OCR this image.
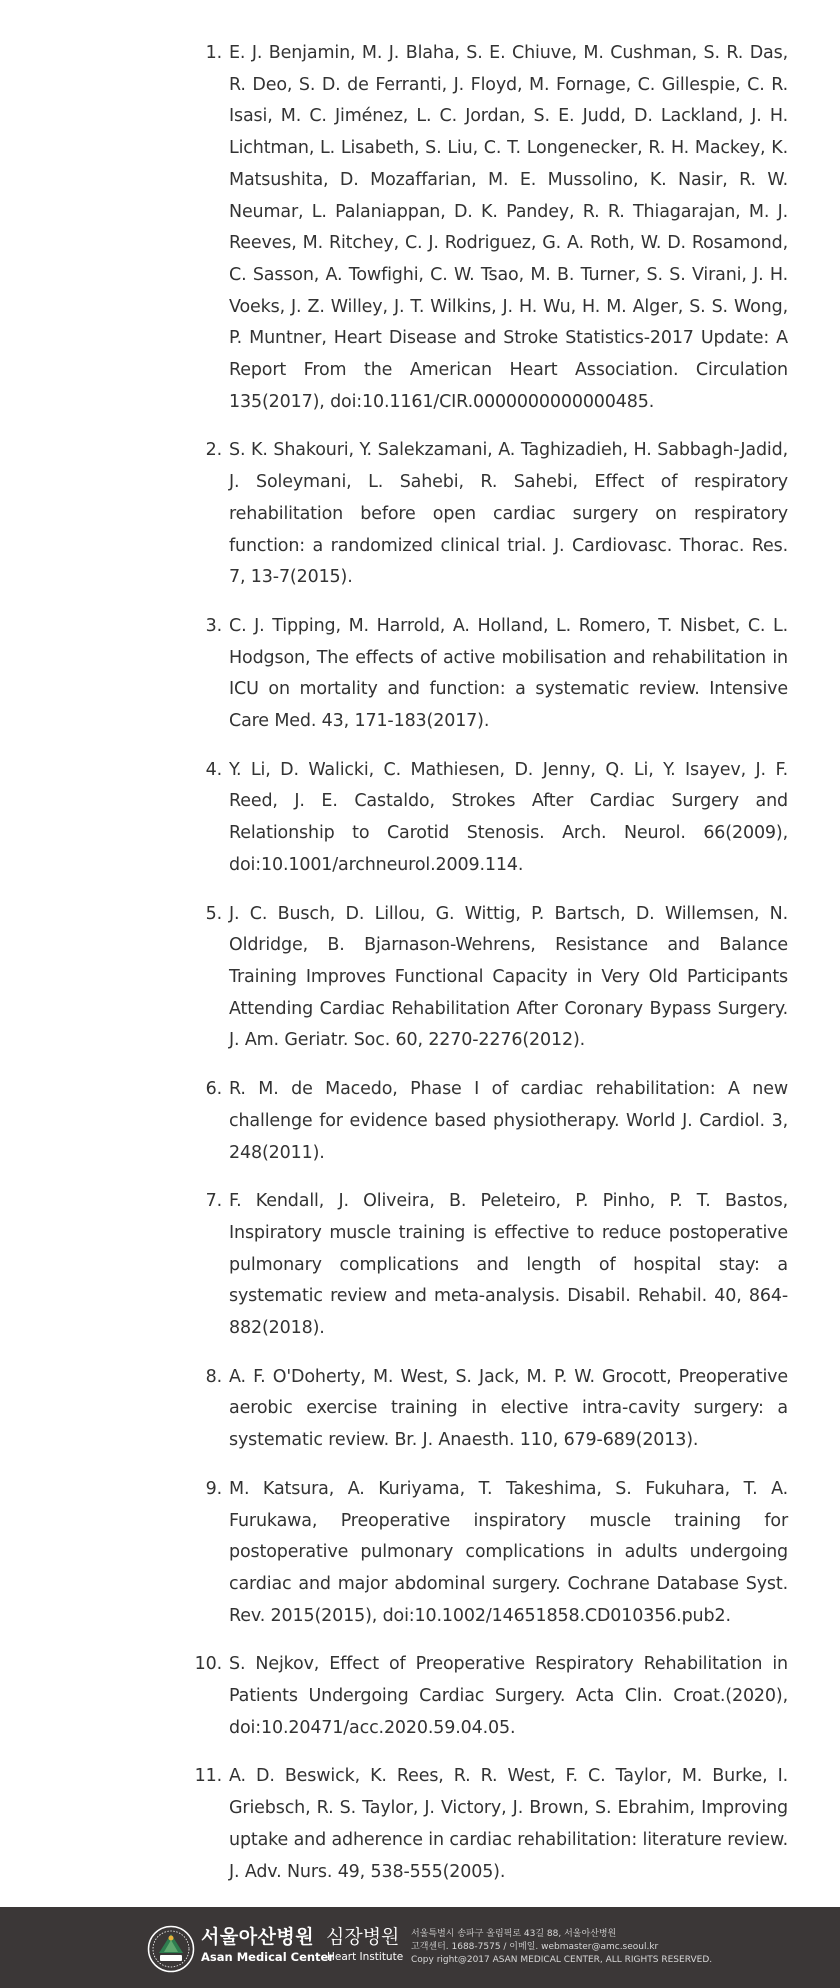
1. E. J. Benjamin, M. J. Blaha, S. E. Chiuve, M. Cushman, S. R. Das, R. Deo, S. D. de Ferranti, J. Floyd, M. Fornage, C. Gillespie, C. R. Isasi, M. C. Jiménez, L. C. Jordan, S. E. Judd, D. Lackland, J. H. Lichtman, L. Lisabeth, S. Liu, C. T. Longenecker, R. H. Mackey, K. Matsushita, D. Mozaffarian, M. E. Mussolino, K. Nasir, R. W. Neumar, L. Palaniappan, D. K. Pandey, R. R. Thiagarajan, M. J. Reeves, M. Ritchey, C. J. Rodriguez, G. A. Roth, W. D. Rosamond, C. Sasson, A. Towfighi, C. W. Tsao, M. B. Turner, S. S. Virani, J. H. Voeks, J. Z. Willey, J. T. Wilkins, J. H. Wu, H. M. Alger, S. S. Wong, P. Muntner, Heart Disease and Stroke Statistics-2017 Update: A Report From the American Heart Association. Circulation 135(2017), doi:10.1161/CIR.0000000000000485.
2. S. K. Shakouri, Y. Salekzamani, A. Taghizadieh, H. Sabbagh-Jadid, J. Soleymani, L. Sahebi, R. Sahebi, Effect of respiratory rehabilitation before open cardiac surgery on respiratory function: a randomized clinical trial. J. Cardiovasc. Thorac. Res. 7, 13-7(2015).
3. C. J. Tipping, M. Harrold, A. Holland, L. Romero, T. Nisbet, C. L. Hodgson, The effects of active mobilisation and rehabilitation in ICU on mortality and function: a systematic review. Intensive Care Med. 43, 171-183(2017).
4. Y. Li, D. Walicki, C. Mathiesen, D. Jenny, Q. Li, Y. Isayev, J. F. Reed, J. E. Castaldo, Strokes After Cardiac Surgery and Relationship to Carotid Stenosis. Arch. Neurol. 66(2009), doi:10.1001/archneurol.2009.114.
5. J. C. Busch, D. Lillou, G. Wittig, P. Bartsch, D. Willemsen, N. Oldridge, B. Bjarnason-Wehrens, Resistance and Balance Training Improves Functional Capacity in Very Old Participants Attending Cardiac Rehabilitation After Coronary Bypass Surgery. J. Am. Geriatr. Soc. 60, 2270-2276(2012).
6. R. M. de Macedo, Phase I of cardiac rehabilitation: A new challenge for evidence based physiotherapy. World J. Cardiol. 3, 248(2011).
7. F. Kendall, J. Oliveira, B. Peleteiro, P. Pinho, P. T. Bastos, Inspiratory muscle training is effective to reduce postoperative pulmonary complications and length of hospital stay: a systematic review and meta-analysis. Disabil. Rehabil. 40, 864-882(2018).
8. A. F. O'Doherty, M. West, S. Jack, M. P. W. Grocott, Preoperative aerobic exercise training in elective intra-cavity surgery: a systematic review. Br. J. Anaesth. 110, 679-689(2013).
9. M. Katsura, A. Kuriyama, T. Takeshima, S. Fukuhara, T. A. Furukawa, Preoperative inspiratory muscle training for postoperative pulmonary complications in adults undergoing cardiac and major abdominal surgery. Cochrane Database Syst. Rev. 2015(2015), doi:10.1002/14651858.CD010356.pub2.
10. S. Nejkov, Effect of Preoperative Respiratory Rehabilitation in Patients Undergoing Cardiac Surgery. Acta Clin. Croat.(2020), doi:10.20471/acc.2020.59.04.05.
11. A. D. Beswick, K. Rees, R. R. West, F. C. Taylor, M. Burke, I. Griebsch, R. S. Taylor, J. Victory, J. Brown, S. Ebrahim, Improving uptake and adherence in cardiac rehabilitation: literature review. J. Adv. Nurs. 49, 538-555(2005).
서울아산병원
Asan Medical Center
심장병원
Heart Institute
서울특별시 송파구 올림픽로 43길 88, 서울아산병원
고객센터. 1688-7575 / 이메일. webmaster@amc.seoul.kr
Copy right@2017 ASAN MEDICAL CENTER, ALL RIGHTS RESERVED.
